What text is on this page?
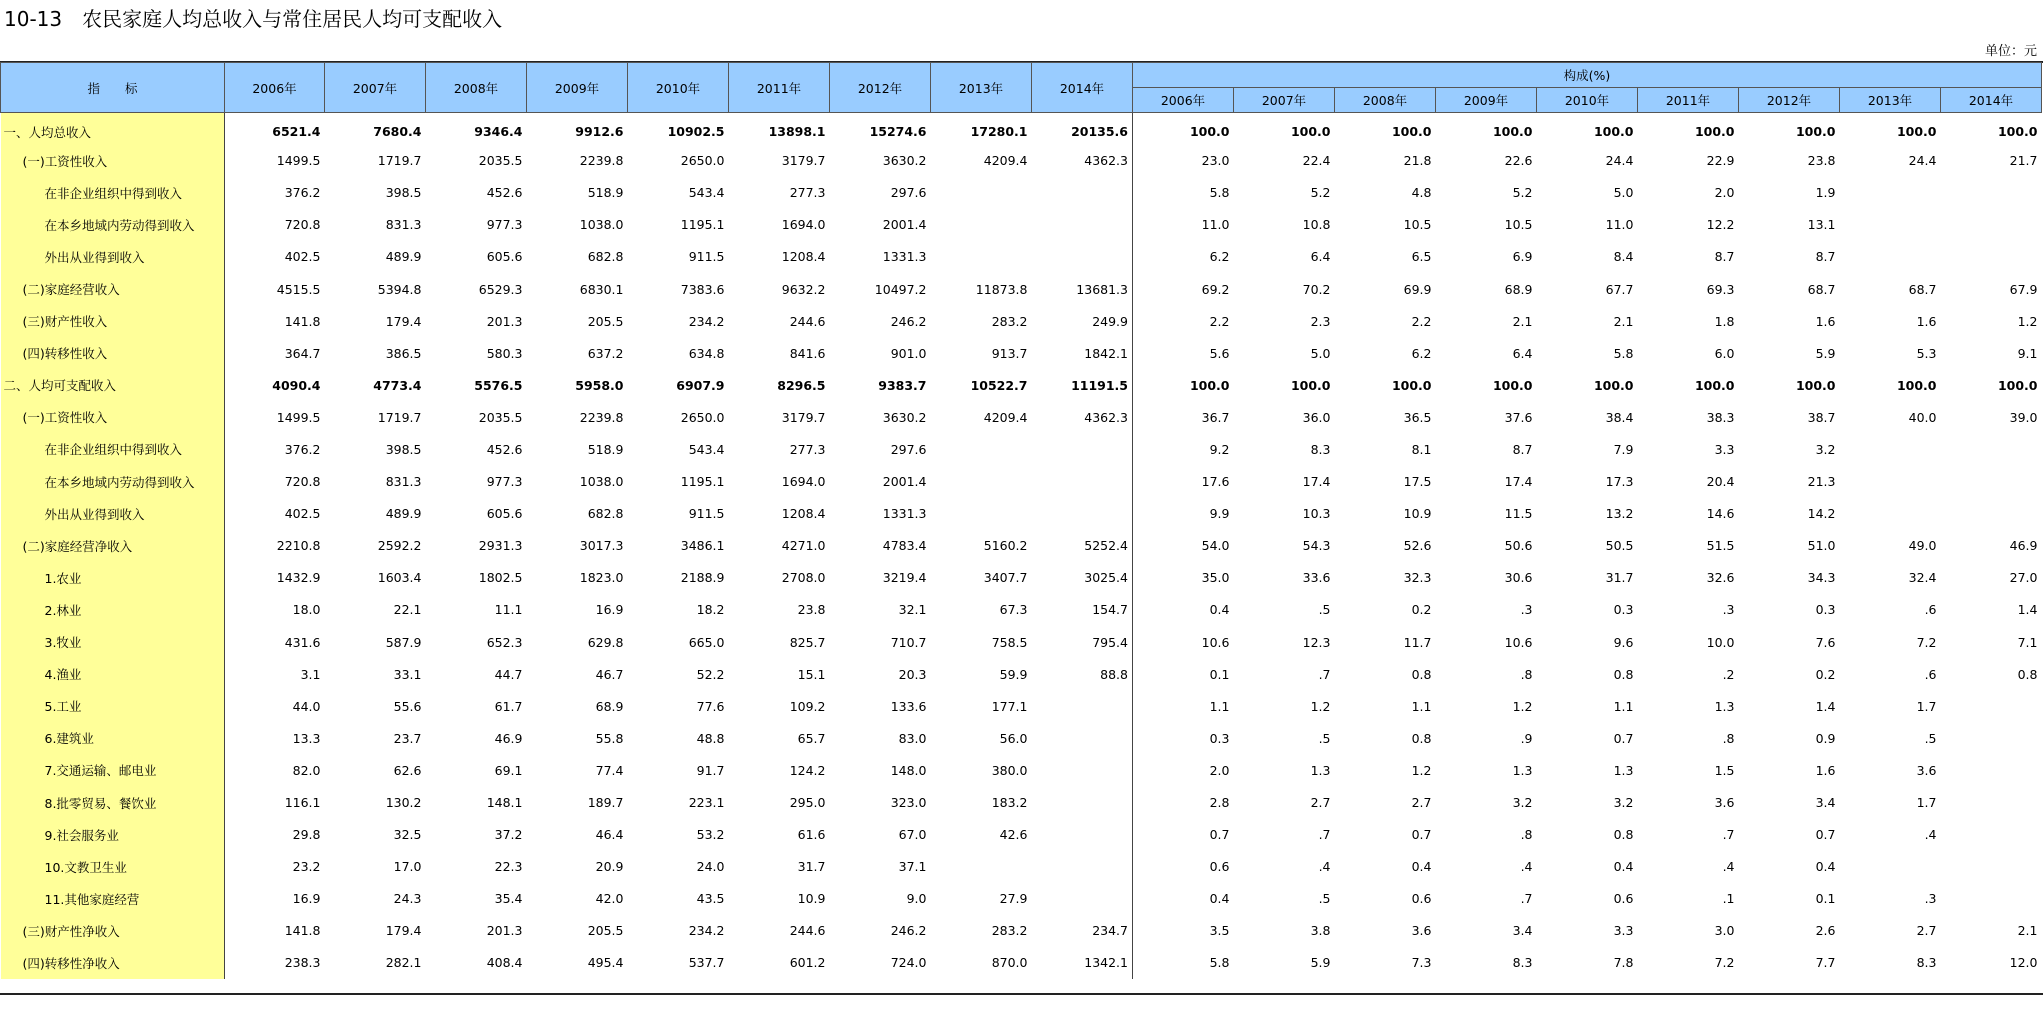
10-13 农民家庭人均总收入与常住居民人均可支配收入
单位：元
指　　标	2006年	2007年	2008年	2009年	2010年	2011年	2012年	2013年	2014年	构成(%)								
										2006年	2007年	2008年	2009年	2010年	2011年	2012年	2013年	2014年
一、人均总收入	6521.4	7680.4	9346.4	9912.6	10902.5	13898.1	15274.6	17280.1	20135.6	100.0	100.0	100.0	100.0	100.0	100.0	100.0	100.0	100.0
(一)工资性收入	1499.5	1719.7	2035.5	2239.8	2650.0	3179.7	3630.2	4209.4	4362.3	23.0	22.4	21.8	22.6	24.4	22.9	23.8	24.4	21.7
在非企业组织中得到收入	376.2	398.5	452.6	518.9	543.4	277.3	297.6			5.8	5.2	4.8	5.2	5.0	2.0	1.9		
在本乡地域内劳动得到收入	720.8	831.3	977.3	1038.0	1195.1	1694.0	2001.4			11.0	10.8	10.5	10.5	11.0	12.2	13.1		
外出从业得到收入	402.5	489.9	605.6	682.8	911.5	1208.4	1331.3			6.2	6.4	6.5	6.9	8.4	8.7	8.7		
(二)家庭经营收入	4515.5	5394.8	6529.3	6830.1	7383.6	9632.2	10497.2	11873.8	13681.3	69.2	70.2	69.9	68.9	67.7	69.3	68.7	68.7	67.9
(三)财产性收入	141.8	179.4	201.3	205.5	234.2	244.6	246.2	283.2	249.9	2.2	2.3	2.2	2.1	2.1	1.8	1.6	1.6	1.2
(四)转移性收入	364.7	386.5	580.3	637.2	634.8	841.6	901.0	913.7	1842.1	5.6	5.0	6.2	6.4	5.8	6.0	5.9	5.3	9.1
二、人均可支配收入	4090.4	4773.4	5576.5	5958.0	6907.9	8296.5	9383.7	10522.7	11191.5	100.0	100.0	100.0	100.0	100.0	100.0	100.0	100.0	100.0
(一)工资性收入	1499.5	1719.7	2035.5	2239.8	2650.0	3179.7	3630.2	4209.4	4362.3	36.7	36.0	36.5	37.6	38.4	38.3	38.7	40.0	39.0
在非企业组织中得到收入	376.2	398.5	452.6	518.9	543.4	277.3	297.6			9.2	8.3	8.1	8.7	7.9	3.3	3.2		
在本乡地域内劳动得到收入	720.8	831.3	977.3	1038.0	1195.1	1694.0	2001.4			17.6	17.4	17.5	17.4	17.3	20.4	21.3		
外出从业得到收入	402.5	489.9	605.6	682.8	911.5	1208.4	1331.3			9.9	10.3	10.9	11.5	13.2	14.6	14.2		
(二)家庭经营净收入	2210.8	2592.2	2931.3	3017.3	3486.1	4271.0	4783.4	5160.2	5252.4	54.0	54.3	52.6	50.6	50.5	51.5	51.0	49.0	46.9
1.农业	1432.9	1603.4	1802.5	1823.0	2188.9	2708.0	3219.4	3407.7	3025.4	35.0	33.6	32.3	30.6	31.7	32.6	34.3	32.4	27.0
2.林业	18.0	22.1	11.1	16.9	18.2	23.8	32.1	67.3	154.7	0.4	.5	0.2	.3	0.3	.3	0.3	.6	1.4
3.牧业	431.6	587.9	652.3	629.8	665.0	825.7	710.7	758.5	795.4	10.6	12.3	11.7	10.6	9.6	10.0	7.6	7.2	7.1
4.渔业	3.1	33.1	44.7	46.7	52.2	15.1	20.3	59.9	88.8	0.1	.7	0.8	.8	0.8	.2	0.2	.6	0.8
5.工业	44.0	55.6	61.7	68.9	77.6	109.2	133.6	177.1		1.1	1.2	1.1	1.2	1.1	1.3	1.4	1.7	
6.建筑业	13.3	23.7	46.9	55.8	48.8	65.7	83.0	56.0		0.3	.5	0.8	.9	0.7	.8	0.9	.5	
7.交通运输、邮电业	82.0	62.6	69.1	77.4	91.7	124.2	148.0	380.0		2.0	1.3	1.2	1.3	1.3	1.5	1.6	3.6	
8.批零贸易、餐饮业	116.1	130.2	148.1	189.7	223.1	295.0	323.0	183.2		2.8	2.7	2.7	3.2	3.2	3.6	3.4	1.7	
9.社会服务业	29.8	32.5	37.2	46.4	53.2	61.6	67.0	42.6		0.7	.7	0.7	.8	0.8	.7	0.7	.4	
10.文教卫生业	23.2	17.0	22.3	20.9	24.0	31.7	37.1			0.6	.4	0.4	.4	0.4	.4	0.4		
11.其他家庭经营	16.9	24.3	35.4	42.0	43.5	10.9	9.0	27.9		0.4	.5	0.6	.7	0.6	.1	0.1	.3	
(三)财产性净收入	141.8	179.4	201.3	205.5	234.2	244.6	246.2	283.2	234.7	3.5	3.8	3.6	3.4	3.3	3.0	2.6	2.7	2.1
(四)转移性净收入	238.3	282.1	408.4	495.4	537.7	601.2	724.0	870.0	1342.1	5.8	5.9	7.3	8.3	7.8	7.2	7.7	8.3	12.0
